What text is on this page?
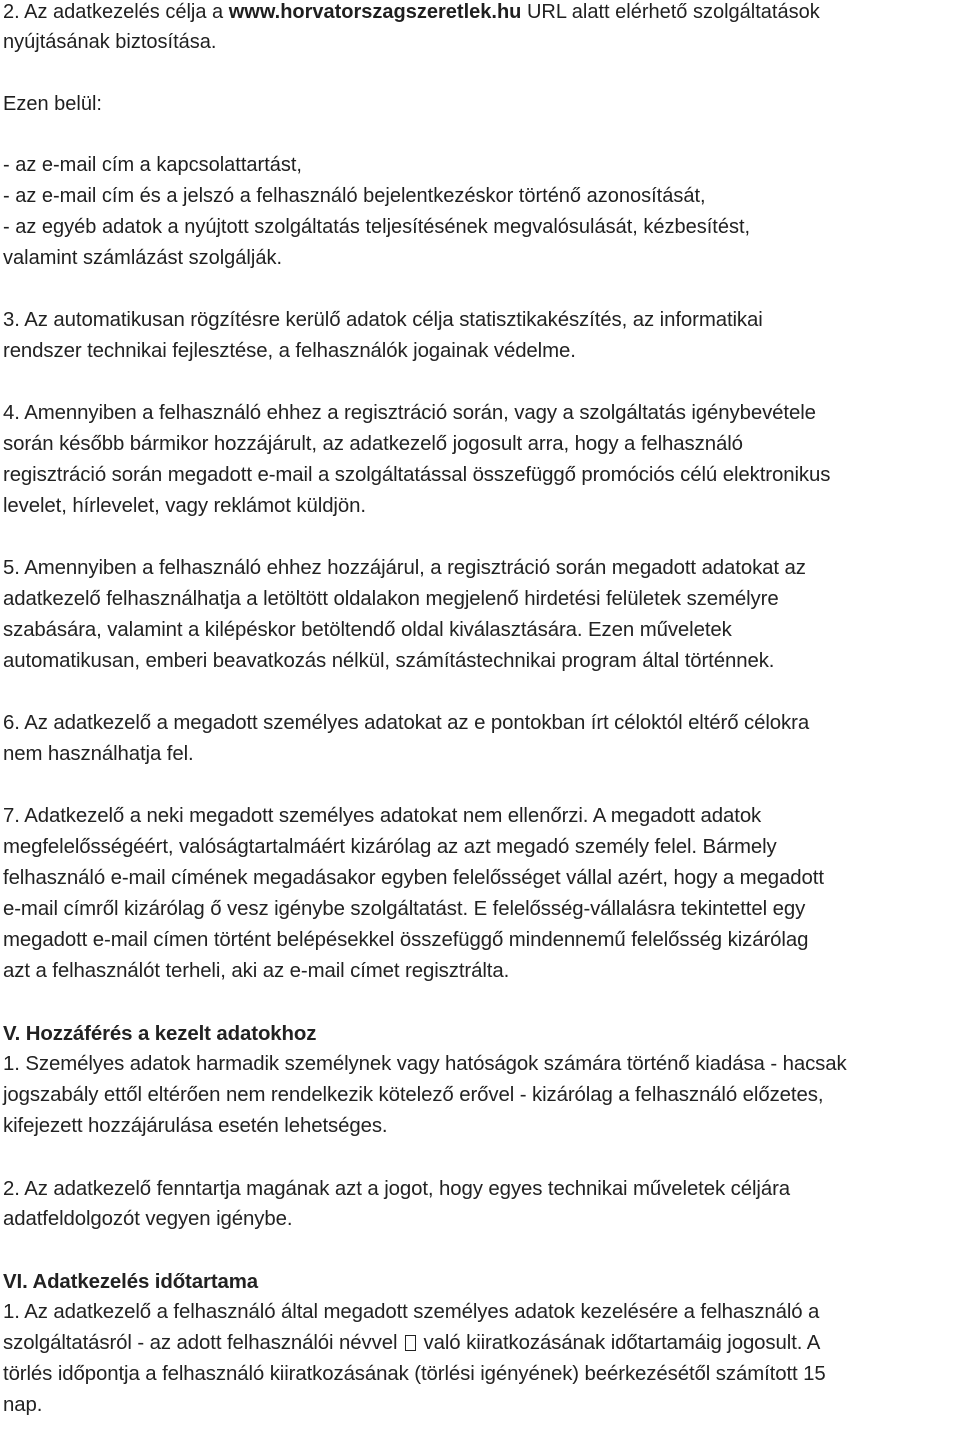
2. Az adatkezelés célja a www.horvatorszagszeretlek.hu URL alatt elérhető szolgáltatások
nyújtásának biztosítása.
Ezen belül:
- az e-mail cím a kapcsolattartást,
- az e-mail cím és a jelszó a felhasználó bejelentkezéskor történő azonosítását,
- az egyéb adatok a nyújtott szolgáltatás teljesítésének megvalósulását, kézbesítést,
valamint számlázást szolgálják.
3. Az automatikusan rögzítésre kerülő adatok célja statisztikakészítés, az informatikai
rendszer technikai fejlesztése, a felhasználók jogainak védelme.
4. Amennyiben a felhasználó ehhez a regisztráció során, vagy a szolgáltatás igénybevétele
során később bármikor hozzájárult, az adatkezelő jogosult arra, hogy a felhasználó
regisztráció során megadott e-mail a szolgáltatással összefüggő promóciós célú elektronikus
levelet, hírlevelet, vagy reklámot küldjön.
5. Amennyiben a felhasználó ehhez hozzájárul, a regisztráció során megadott adatokat az
adatkezelő felhasználhatja a letöltött oldalakon megjelenő hirdetési felületek személyre
szabására, valamint a kilépéskor betöltendő oldal kiválasztására. Ezen műveletek
automatikusan, emberi beavatkozás nélkül, számítástechnikai program által történnek.
6. Az adatkezelő a megadott személyes adatokat az e pontokban írt céloktól eltérő célokra
nem használhatja fel.
7. Adatkezelő a neki megadott személyes adatokat nem ellenőrzi. A megadott adatok
megfelelősségéért, valóságtartalmáért kizárólag az azt megadó személy felel. Bármely
felhasználó e-mail címének megadásakor egyben felelősséget vállal azért, hogy a megadott
e-mail címről kizárólag ő vesz igénybe szolgáltatást. E felelősség-vállalásra tekintettel egy
megadott e-mail címen történt belépésekkel összefüggő mindennemű felelősség kizárólag
azt a felhasználót terheli, aki az e-mail címet regisztrálta.
V. Hozzáférés a kezelt adatokhoz
1. Személyes adatok harmadik személynek vagy hatóságok számára történő kiadása - hacsak
jogszabály ettől eltérően nem rendelkezik kötelező erővel - kizárólag a felhasználó előzetes,
kifejezett hozzájárulása esetén lehetséges.
2. Az adatkezelő fenntartja magának azt a jogot, hogy egyes technikai műveletek céljára
adatfeldolgozót vegyen igénybe.
VI. Adatkezelés időtartama
1. Az adatkezelő a felhasználó által megadott személyes adatok kezelésére a felhasználó a
szolgáltatásról - az adott felhasználói névvel való kiiratkozásának időtartamáig jogosult. A
törlés időpontja a felhasználó kiiratkozásának (törlési igényének) beérkezésétől számított 15
nap.
